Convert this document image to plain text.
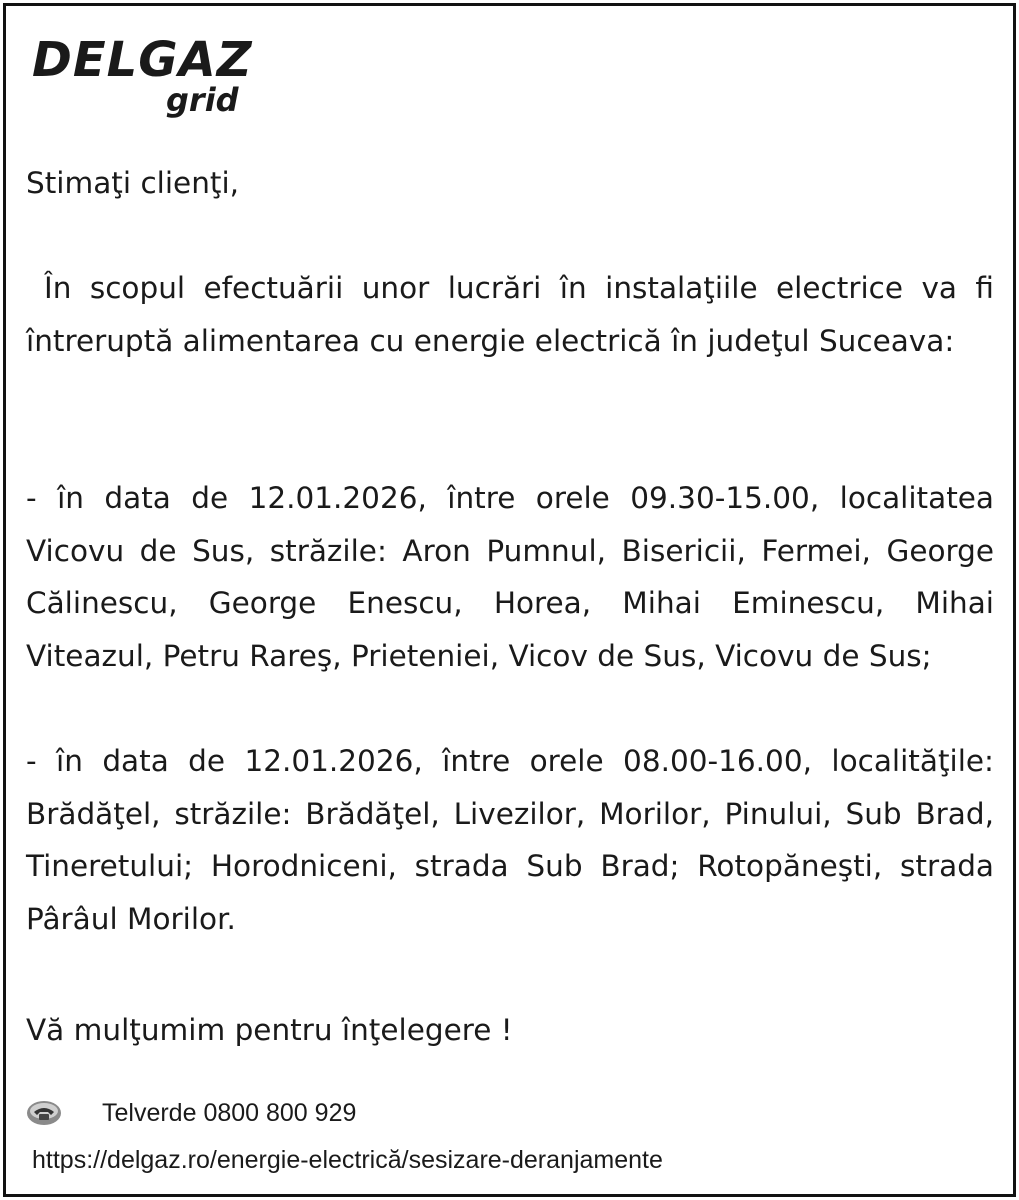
DELGAZ
grid
Stimaţi clienţi,
În scopul efectuării unor lucrări în instalaţiile electrice va fi întreruptă alimentarea cu energie electrică în judeţul Suceava:
- în data de 12.01.2026, între orele 09.30-15.00, localitatea Vicovu de Sus, străzile: Aron Pumnul, Bisericii, Fermei, George Călinescu, George Enescu, Horea, Mihai Eminescu, Mihai Viteazul, Petru Rareş, Prieteniei, Vicov de Sus, Vicovu de Sus;
- în data de 12.01.2026, între orele 08.00-16.00, localităţile: Brădăţel, străzile: Brădăţel, Livezilor, Morilor, Pinului, Sub Brad, Tineretului; Horodniceni, strada Sub Brad; Rotopăneşti, strada Pârâul Morilor.
Vă mulţumim pentru înţelegere !
Telverde 0800 800 929
https://delgaz.ro/energie-electrică/sesizare-deranjamente
